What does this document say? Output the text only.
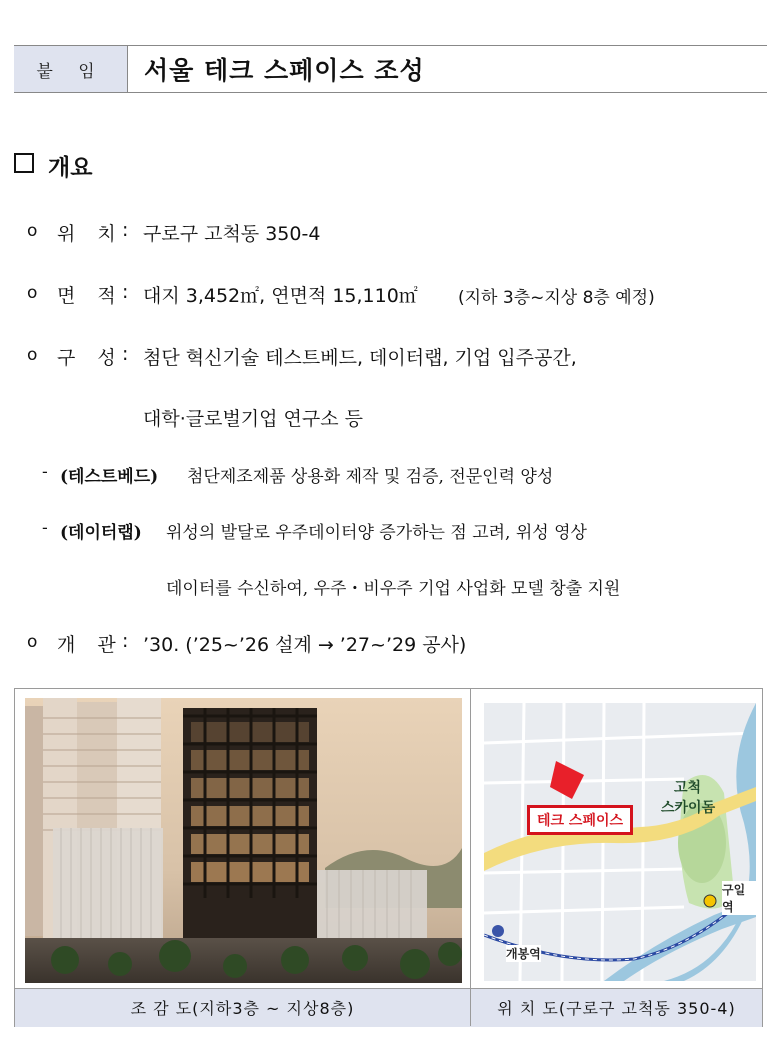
붙 임	서울 테크 스페이스 조성
개요
o 위 치
: 구로구 고척동 350-4
o 면 적
: 대지 3,452㎡, 연면적 15,110㎡ (지하 3층~지상 8층 예정)
o 구 성
: 첨단 혁신기술 테스트베드, 데이터랩, 기업 입주공간,
대학·글로벌기업 연구소 등
- (테스트베드) 첨단제조제품 상용화 제작 및 검증, 전문인력 양성
- (데이터랩) 위성의 발달로 우주데이터양 증가하는 점 고려, 위성 영상
데이터를 수신하여, 우주・비우주 기업 사업화 모델 창출 지원
o 개 관
: ’30. (’25~’26 설계 → ’27~’29 공사)
테크 스페이스
고척
스카이돔
구일역
개봉역
조 감 도(지하3층 ~ 지상8층)	위 치 도(구로구 고척동 350-4)
